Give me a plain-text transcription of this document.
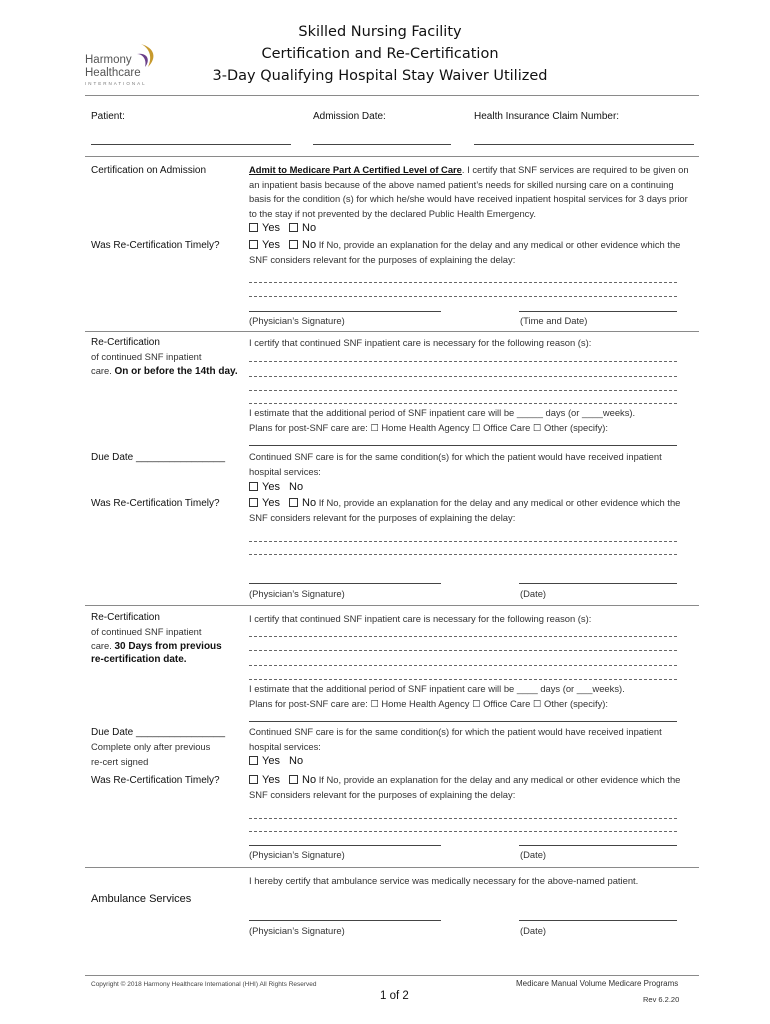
Harmony
Healthcare
INTERNATIONAL
Skilled Nursing Facility
Certification and Re-Certification
3-Day Qualifying Hospital Stay Waiver Utilized
Patient:	Admission Date:	Health Insurance Claim Number:
Certification on Admission	Admit to Medicare Part A Certified Level of Care. I certify that SNF services are required to be given on an inpatient basis because of the above named patient’s needs for skilled nursing care on a continuing basis for the condition (s) for which he/she would have received inpatient hospital services for 3 days prior to the stay if not prevented by the declared Public Health Emergency.
Yes No
Was Re-Certification Timely?	Yes No If No, provide an explanation for the delay and any medical or other evidence which the SNF considers relevant for the purposes of explaining the delay:
(Physician’s Signature)	(Time and Date)
Re-Certification
of continued SNF inpatient
care. On or before the 14th day.
I certify that continued SNF inpatient care is necessary for the following reason (s):
I estimate that the additional period of SNF inpatient care will be _____ days (or ____weeks).
Plans for post-SNF care are: ☐ Home Health Agency ☐ Office Care ☐ Other (specify):
Due Date ________________	Continued SNF care is for the same condition(s) for which the patient would have received inpatient hospital services:
Yes No
Was Re-Certification Timely?	Yes No If No, provide an explanation for the delay and any medical or other evidence which the SNF considers relevant for the purposes of explaining the delay:
(Physician’s Signature)	(Date)
Re-Certification
of continued SNF inpatient
care. 30 Days from previous
re-certification date.
I certify that continued SNF inpatient care is necessary for the following reason (s):
I estimate that the additional period of SNF inpatient care will be ____ days (or ___weeks).
Plans for post-SNF care are: ☐ Home Health Agency ☐ Office Care ☐ Other (specify):
Due Date ________________
Complete only after previous
re-cert signed
Continued SNF care is for the same condition(s) for which the patient would have received inpatient hospital services:
Yes No
Was Re-Certification Timely?	Yes No If No, provide an explanation for the delay and any medical or other evidence which the SNF considers relevant for the purposes of explaining the delay:
(Physician’s Signature)	(Date)
I hereby certify that ambulance service was medically necessary for the above-named patient.
Ambulance Services
(Physician’s Signature)	(Date)
Copyright © 2018 Harmony Healthcare International (HHI) All Rights Reserved
1 of 2
Medicare Manual Volume Medicare Programs
Rev 6.2.20
